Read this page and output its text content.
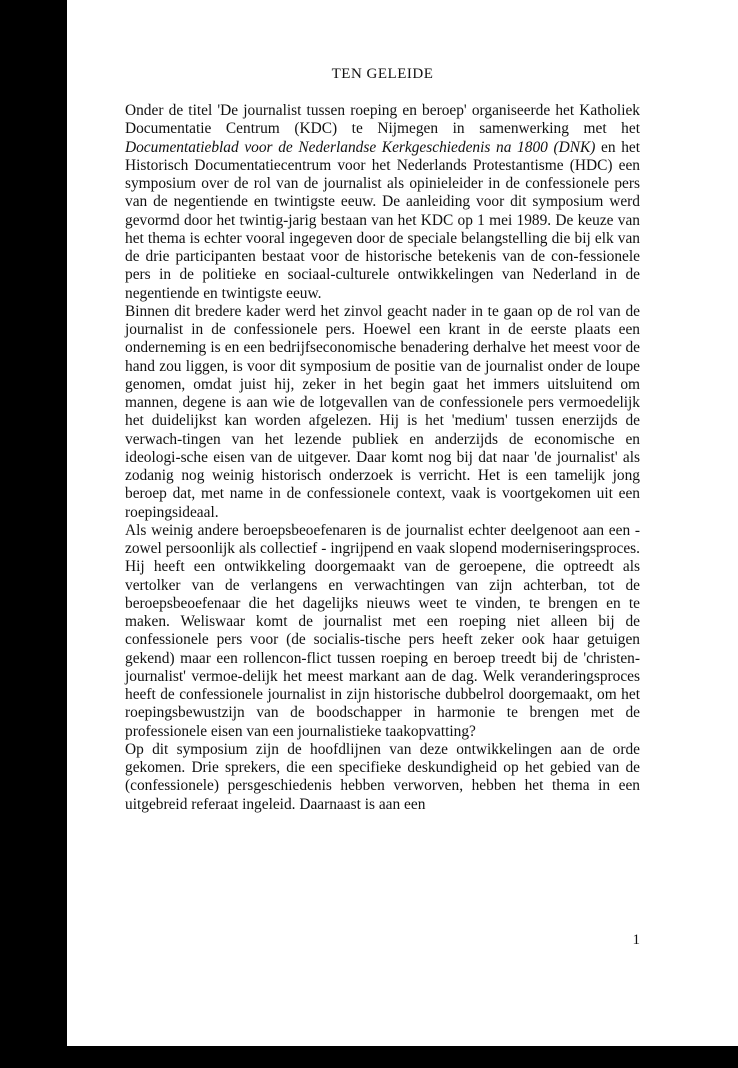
TEN GELEIDE

Onder de titel 'De journalist tussen roeping en beroep' organiseerde het Katholiek Documentatie Centrum (KDC) te Nijmegen in samenwerking met het Documentatieblad voor de Nederlandse Kerkgeschiedenis na 1800 (DNK) en het Historisch Documentatiecentrum voor het Nederlands Protestantisme (HDC) een symposium over de rol van de journalist als opinieleider in de confessionele pers van de negentiende en twintigste eeuw. De aanleiding voor dit symposium werd gevormd door het twintig-jarig bestaan van het KDC op 1 mei 1989. De keuze van het thema is echter vooral ingegeven door de speciale belangstelling die bij elk van de drie participanten bestaat voor de historische betekenis van de con-fessionele pers in de politieke en sociaal-culturele ontwikkelingen van Nederland in de negentiende en twintigste eeuw.

Binnen dit bredere kader werd het zinvol geacht nader in te gaan op de rol van de journalist in de confessionele pers. Hoewel een krant in de eerste plaats een onderneming is en een bedrijfseconomische benadering derhalve het meest voor de hand zou liggen, is voor dit symposium de positie van de journalist onder de loupe genomen, omdat juist hij, zeker in het begin gaat het immers uitsluitend om mannen, degene is aan wie de lotgevallen van de confessionele pers vermoedelijk het duidelijkst kan worden afgelezen. Hij is het 'medium' tussen enerzijds de verwach-tingen van het lezende publiek en anderzijds de economische en ideologi-sche eisen van de uitgever. Daar komt nog bij dat naar 'de journalist' als zodanig nog weinig historisch onderzoek is verricht. Het is een tamelijk jong beroep dat, met name in de confessionele context, vaak is voortgekomen uit een roepingsideaal.

Als weinig andere beroepsbeoefenaren is de journalist echter deelgenoot aan een - zowel persoonlijk als collectief - ingrijpend en vaak slopend moderniseringsproces. Hij heeft een ontwikkeling doorgemaakt van de geroepene, die optreedt als vertolker van de verlangens en verwachtingen van zijn achterban, tot de beroepsbeoefenaar die het dagelijks nieuws weet te vinden, te brengen en te maken. Weliswaar komt de journalist met een roeping niet alleen bij de confessionele pers voor (de socialis-tische pers heeft zeker ook haar getuigen gekend) maar een rollencon-flict tussen roeping en beroep treedt bij de 'christen-journalist' vermoe-delijk het meest markant aan de dag. Welk veranderingsproces heeft de confessionele journalist in zijn historische dubbelrol doorgemaakt, om het roepingsbewustzijn van de boodschapper in harmonie te brengen met de professionele eisen van een journalistieke taakopvatting?

Op dit symposium zijn de hoofdlijnen van deze ontwikkelingen aan de orde gekomen. Drie sprekers, die een specifieke deskundigheid op het gebied van de (confessionele) persgeschiedenis hebben verworven, hebben het thema in een uitgebreid referaat ingeleid. Daarnaast is aan een

1
